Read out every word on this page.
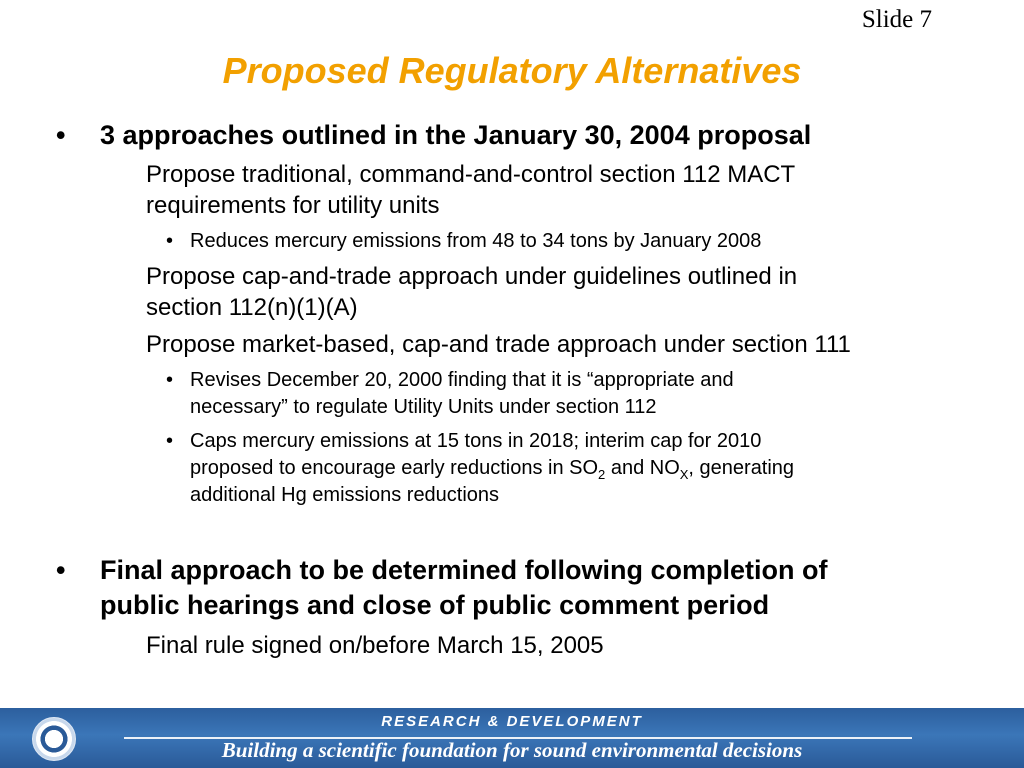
Slide 7
Proposed Regulatory Alternatives
• 3 approaches outlined in the January 30, 2004 proposal
Propose traditional, command-and-control section 112 MACT
requirements for utility units
• Reduces mercury emissions from 48 to 34 tons by January 2008
Propose cap-and-trade approach under guidelines outlined in
section 112(n)(1)(A)
Propose market-based, cap-and trade approach under section 111
• Revises December 20, 2000 finding that it is “appropriate and
necessary” to regulate Utility Units under section 112
• Caps mercury emissions at 15 tons in 2018; interim cap for 2010
proposed to encourage early reductions in $SO_2$ and $NO_X$, generating
additional Hg emissions reductions
• Final approach to be determined following completion of
public hearings and close of public comment period
Final rule signed on/before March 15, 2005
RESEARCH & DEVELOPMENT
Building a scientific foundation for sound environmental decisions
